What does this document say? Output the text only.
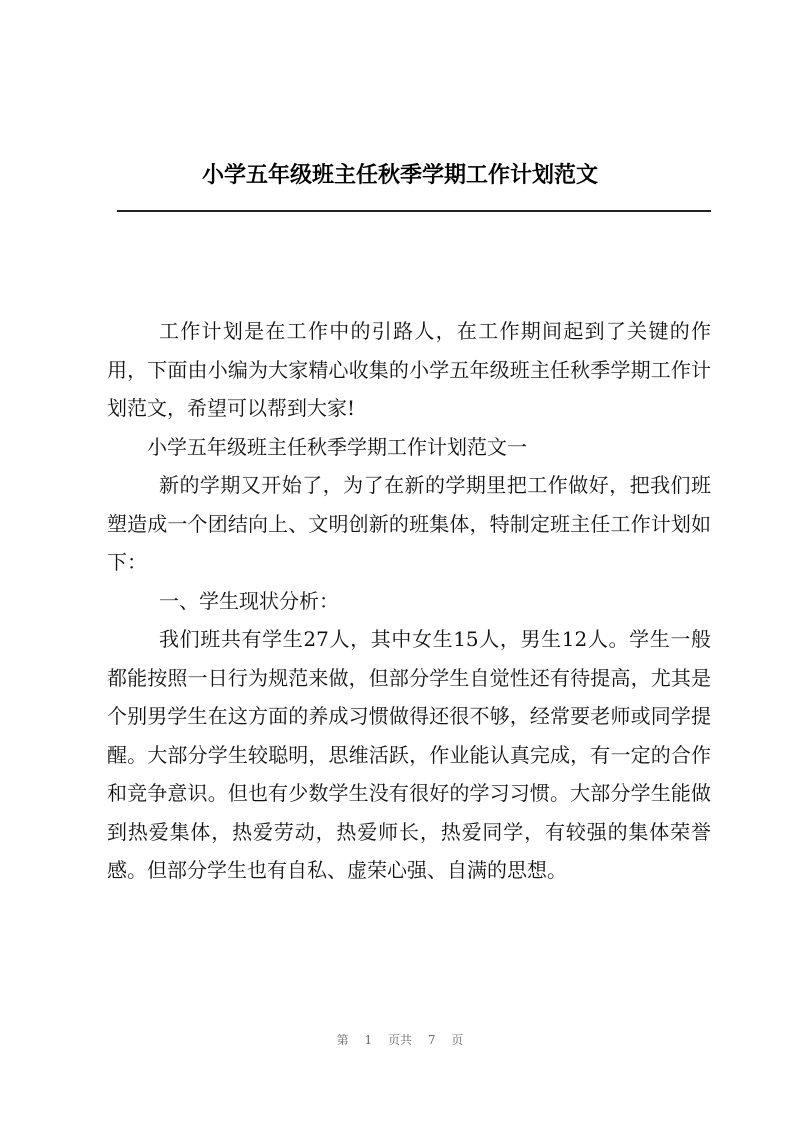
小学五年级班主任秋季学期工作计划范文

工作计划是在工作中的引路人，在工作期间起到了关键的作用，下面由小编为大家精心收集的小学五年级班主任秋季学期工作计划范文，希望可以帮到大家!

小学五年级班主任秋季学期工作计划范文一

新的学期又开始了，为了在新的学期里把工作做好，把我们班塑造成一个团结向上、文明创新的班集体，特制定班主任工作计划如下：

一、学生现状分析：

我们班共有学生27人，其中女生15人，男生12人。学生一般都能按照一日行为规范来做，但部分学生自觉性还有待提高，尤其是个别男学生在这方面的养成习惯做得还很不够，经常要老师或同学提醒。大部分学生较聪明，思维活跃，作业能认真完成，有一定的合作和竞争意识。但也有少数学生没有很好的学习习惯。大部分学生能做到热爱集体，热爱劳动，热爱师长，热爱同学，有较强的集体荣誉感。但部分学生也有自私、虚荣心强、自满的思想。

第 1 页共 7 页
